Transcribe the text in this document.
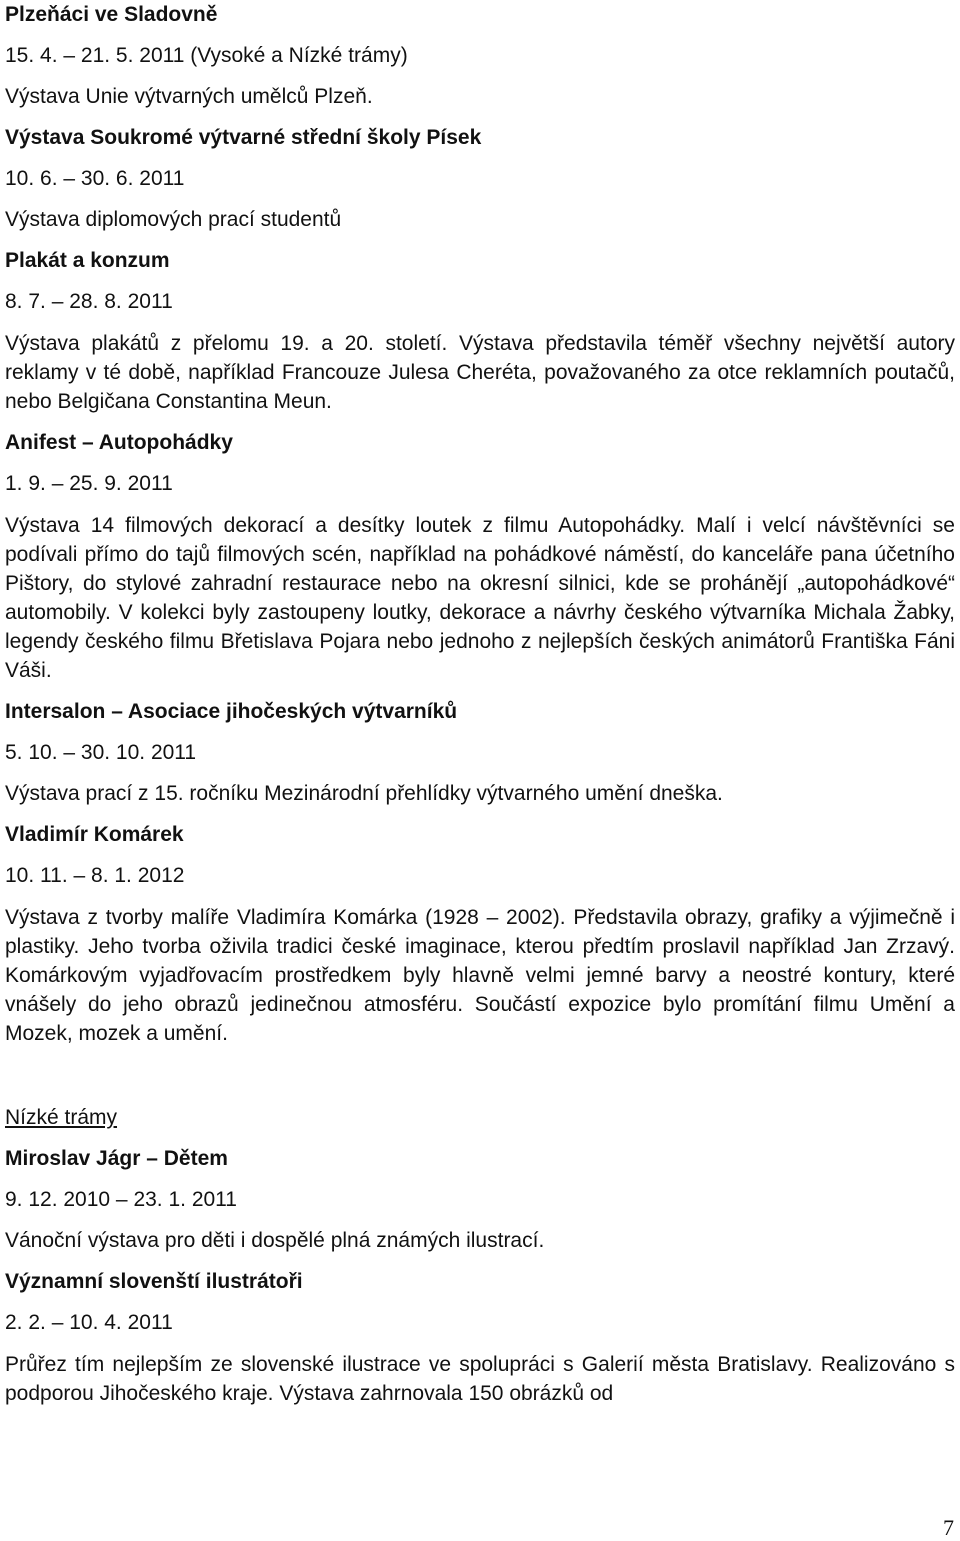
Plzeňáci ve Sladovně

15. 4. – 21. 5. 2011 (Vysoké a Nízké trámy)

Výstava Unie výtvarných umělců Plzeň.

Výstava Soukromé výtvarné střední školy Písek

10. 6. – 30. 6. 2011

Výstava diplomových prací studentů

Plakát a konzum

8. 7. – 28. 8. 2011

Výstava plakátů z přelomu 19. a 20. století. Výstava představila téměř všechny největší autory reklamy v té době, například Francouze Julesa Cheréta, považovaného za otce reklamních poutačů, nebo Belgičana Constantina Meun.

Anifest – Autopohádky

1. 9. – 25. 9. 2011

Výstava 14 filmových dekorací a desítky loutek z filmu Autopohádky. Malí i velcí návštěvníci se podívali přímo do tajů filmových scén, například na pohádkové náměstí, do kanceláře pana účetního Pištory, do stylové zahradní restaurace nebo na okresní silnici, kde se prohánějí „autopohádkové“ automobily. V kolekci byly zastoupeny loutky, dekorace a návrhy českého výtvarníka Michala Žabky, legendy českého filmu Břetislava Pojara nebo jednoho z nejlepších českých animátorů Františka Fáni Váši.

Intersalon – Asociace jihočeských výtvarníků

5. 10. – 30. 10. 2011

Výstava prací z 15. ročníku Mezinárodní přehlídky výtvarného umění dneška.

Vladimír Komárek

10. 11. – 8. 1. 2012

Výstava z tvorby malíře Vladimíra Komárka (1928 – 2002). Představila obrazy, grafiky a výjimečně i plastiky. Jeho tvorba oživila tradici české imaginace, kterou předtím proslavil například Jan Zrzavý. Komárkovým vyjadřovacím prostředkem byly hlavně velmi jemné barvy a neostré kontury, které vnášely do jeho obrazů jedinečnou atmosféru. Součástí expozice bylo promítání filmu Umění a Mozek, mozek a umění.

Nízké trámy

Miroslav Jágr – Dětem

9. 12. 2010 – 23. 1. 2011

Vánoční výstava pro děti i dospělé plná známých ilustrací.

Významní slovenští ilustrátoři

2. 2. – 10. 4. 2011

Průřez tím nejlepším ze slovenské ilustrace ve spolupráci s Galerií města Bratislavy. Realizováno s podporou Jihočeského kraje. Výstava zahrnovala 150 obrázků od

7
